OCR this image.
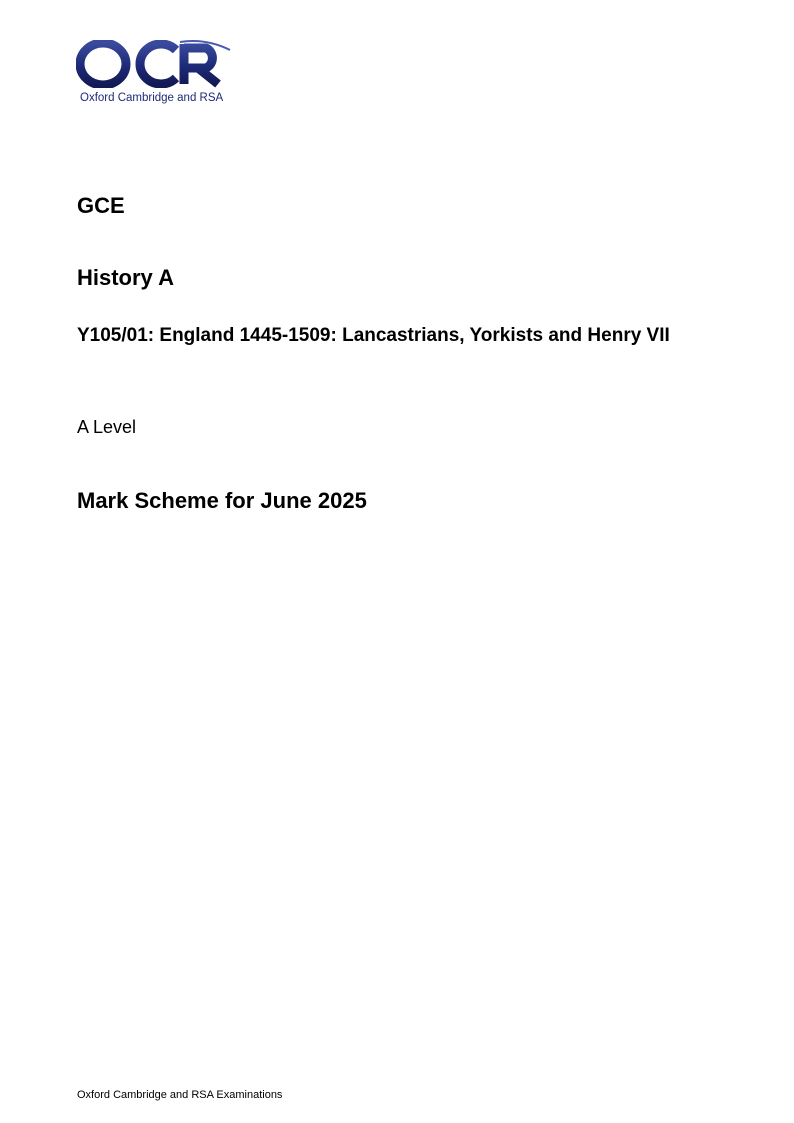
Oxford Cambridge and RSA
GCE
History A
Y105/01: England 1445-1509: Lancastrians, Yorkists and Henry VII

A Level

Mark Scheme for June 2025
Oxford Cambridge and RSA Examinations
